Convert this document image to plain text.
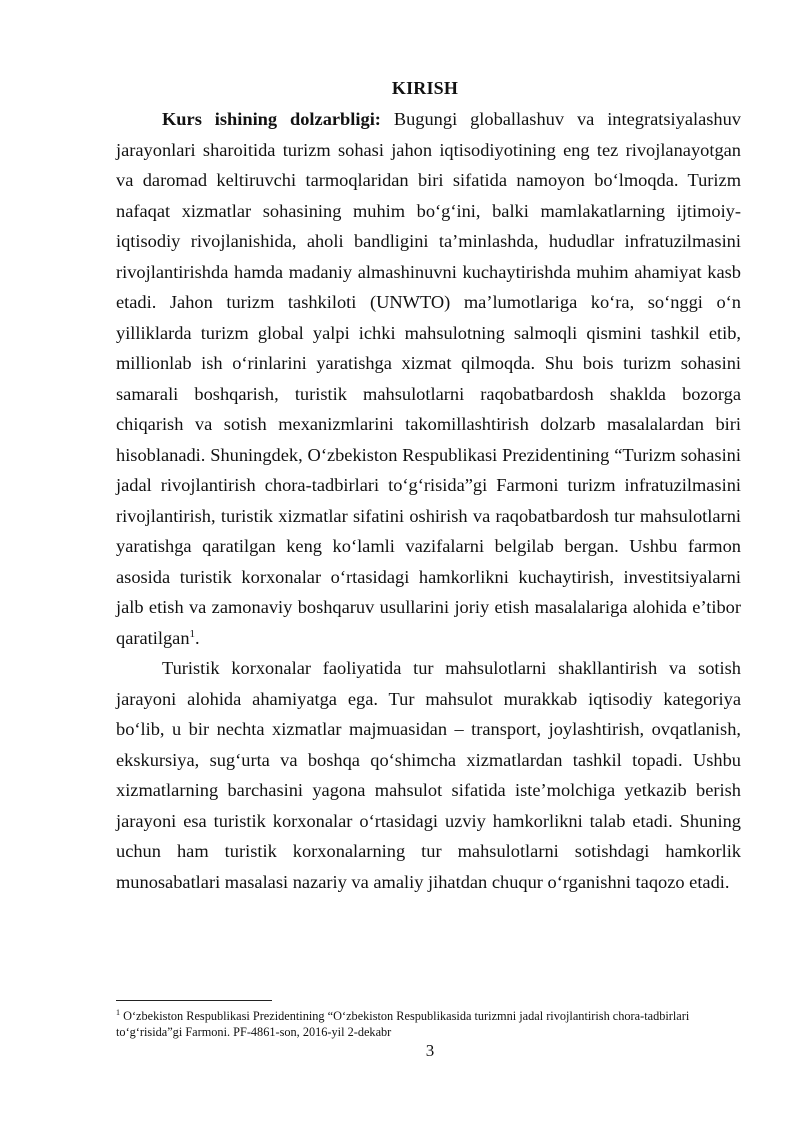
KIRISH

Kurs ishining dolzarbligi: Bugungi globallashuv va integratsiyalashuv jarayonlari sharoitida turizm sohasi jahon iqtisodiyotining eng tez rivojlanayotgan va daromad keltiruvchi tarmoqlaridan biri sifatida namoyon bo‘lmoqda. Turizm nafaqat xizmatlar sohasining muhim bo‘g‘ini, balki mamlakatlarning ijtimoiy-iqtisodiy rivojlanishida, aholi bandligini ta’minlashda, hududlar infratuzilmasini rivojlantirishda hamda madaniy almashinuvni kuchaytirishda muhim ahamiyat kasb etadi. Jahon turizm tashkiloti (UNWTO) ma’lumotlariga ko‘ra, so‘nggi o‘n yilliklarda turizm global yalpi ichki mahsulotning salmoqli qismini tashkil etib, millionlab ish o‘rinlarini yaratishga xizmat qilmoqda. Shu bois turizm sohasini samarali boshqarish, turistik mahsulotlarni raqobatbardosh shaklda bozorga chiqarish va sotish mexanizmlarini takomillashtirish dolzarb masalalardan biri hisoblanadi. Shuningdek, O‘zbekiston Respublikasi Prezidentining “Turizm sohasini jadal rivojlantirish chora-tadbirlari to‘g‘risida”gi Farmoni turizm infratuzilmasini rivojlantirish, turistik xizmatlar sifatini oshirish va raqobatbardosh tur mahsulotlarni yaratishga qaratilgan keng ko‘lamli vazifalarni belgilab bergan. Ushbu farmon asosida turistik korxonalar o‘rtasidagi hamkorlikni kuchaytirish, investitsiyalarni jalb etish va zamonaviy boshqaruv usullarini joriy etish masalalariga alohida e’tibor qaratilgan$^1$.

Turistik korxonalar faoliyatida tur mahsulotlarni shakllantirish va sotish jarayoni alohida ahamiyatga ega. Tur mahsulot murakkab iqtisodiy kategoriya bo‘lib, u bir nechta xizmatlar majmuasidan – transport, joylashtirish, ovqatlanish, ekskursiya, sug‘urta va boshqa qo‘shimcha xizmatlardan tashkil topadi. Ushbu xizmatlarning barchasini yagona mahsulot sifatida iste’molchiga yetkazib berish jarayoni esa turistik korxonalar o‘rtasidagi uzviy hamkorlikni talab etadi. Shuning uchun ham turistik korxonalarning tur mahsulotlarni sotishdagi hamkorlik munosabatlari masalasi nazariy va amaliy jihatdan chuqur o‘rganishni taqozo etadi.

$^1$ O‘zbekiston Respublikasi Prezidentining “O‘zbekiston Respublikasida turizmni jadal rivojlantirish chora-tadbirlari to‘g‘risida”gi Farmoni. PF-4861-son, 2016-yil 2-dekabr
3
